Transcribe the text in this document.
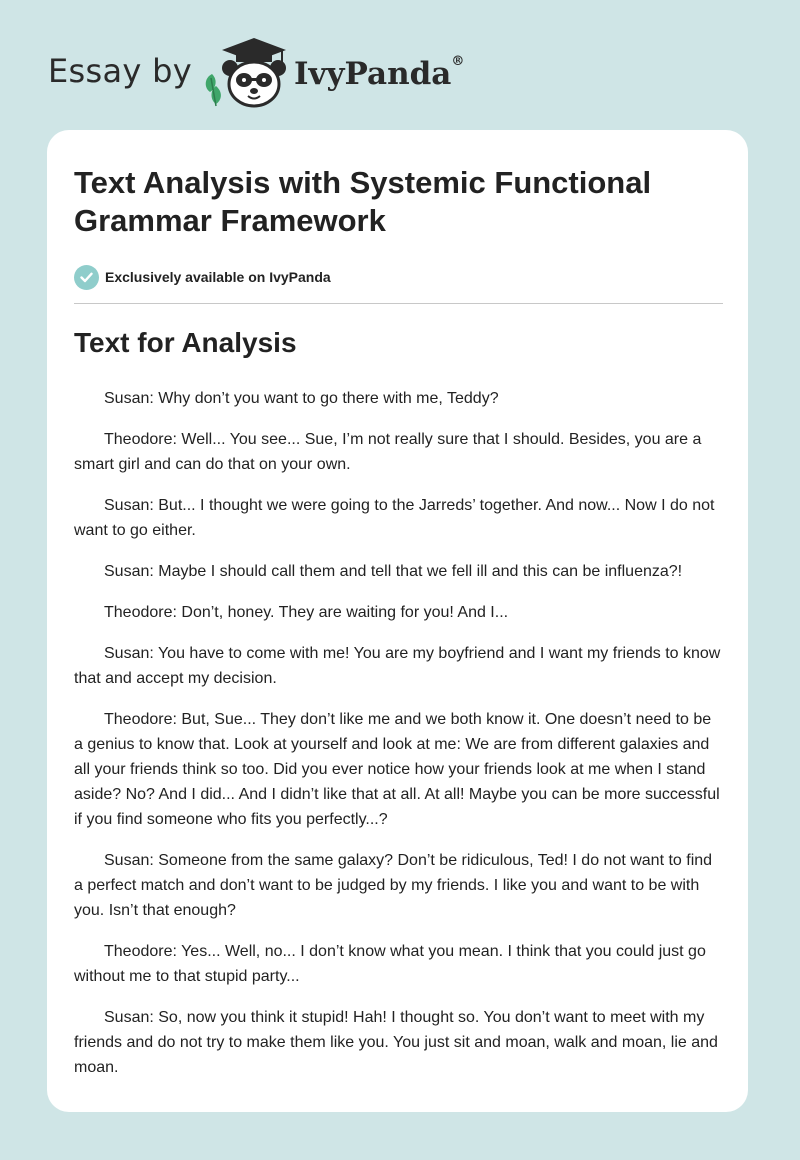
Essay by	IvyPanda®
Text Analysis with Systemic Functional Grammar Framework
Exclusively available on IvyPanda
Text for Analysis

Susan: Why don’t you want to go there with me, Teddy?

Theodore: Well... You see... Sue, I’m not really sure that I should. Besides, you are a smart girl and can do that on your own.

Susan: But... I thought we were going to the Jarreds’ together. And now... Now I do not want to go either.

Susan: Maybe I should call them and tell that we fell ill and this can be influenza?!

Theodore: Don’t, honey. They are waiting for you! And I...

Susan: You have to come with me! You are my boyfriend and I want my friends to know that and accept my decision.

Theodore: But, Sue... They don’t like me and we both know it. One doesn’t need to be a genius to know that. Look at yourself and look at me: We are from different galaxies and all your friends think so too. Did you ever notice how your friends look at me when I stand aside? No? And I did... And I didn’t like that at all. At all! Maybe you can be more successful if you find someone who fits you perfectly...?

Susan: Someone from the same galaxy? Don’t be ridiculous, Ted! I do not want to find a perfect match and don’t want to be judged by my friends. I like you and want to be with you. Isn’t that enough?

Theodore: Yes... Well, no... I don’t know what you mean. I think that you could just go without me to that stupid party...

Susan: So, now you think it stupid! Hah! I thought so. You don’t want to meet with my friends and do not try to make them like you. You just sit and moan, walk and moan, lie and moan.
